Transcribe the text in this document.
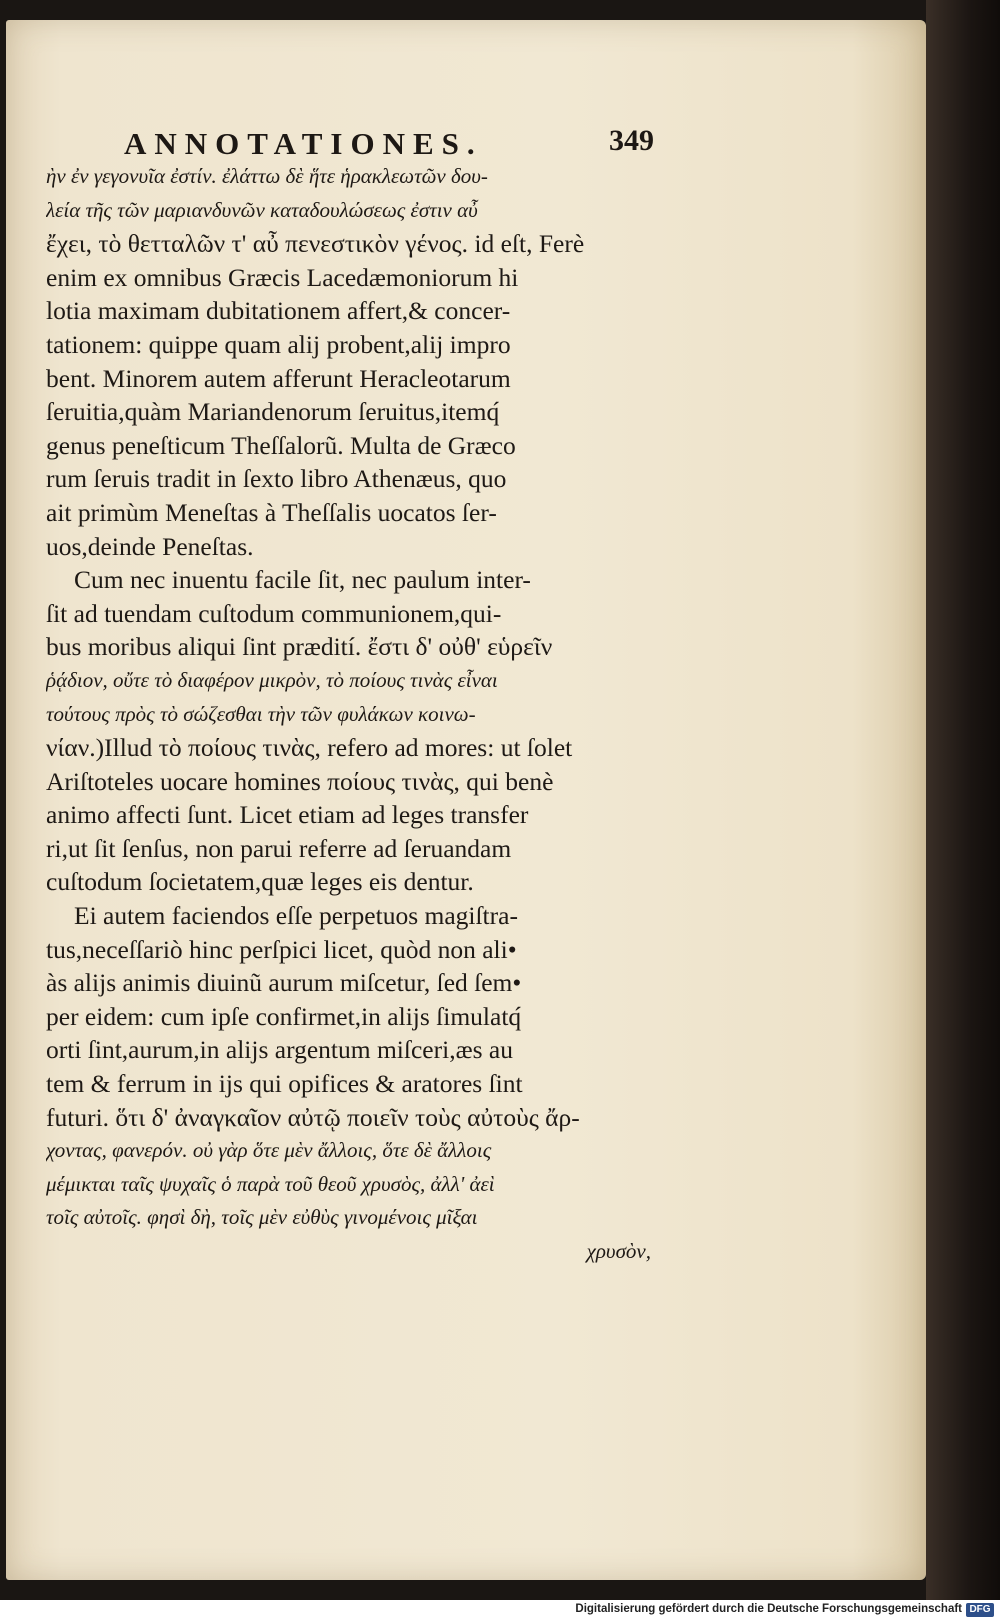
ANNOTATIONES.	349
ὴν ἐν γεγονυῖα ἐστίν. ἐλάττω δὲ ἥτε ἡρακλεωτῶν δου-
λεία τῆς τῶν μαριανδυνῶν καταδουλώσεως ἐστιν αὖ
ἔχει, τὸ θετταλῶν τ' αὖ πενεστικὸν γένος. id eſt, Ferè
enim ex omnibus Græcis Lacedæmoniorum hi
lotia maximam dubitationem affert,& concer-
tationem: quippe quam alij probent,alij impro
bent. Minorem autem afferunt Heracleotarum
ſeruitia,quàm Mariandenorum ſeruitus,itemq́
genus peneſticum Theſſalorũ. Multa de Græco
rum ſeruis tradit in ſexto libro Athenæus, quo
ait primùm Meneſtas à Theſſalis uocatos ſer-
uos,deinde Peneſtas.
Cum nec inuentu facile ſit, nec paulum inter-
ſit ad tuendam cuſtodum communionem,qui-
bus moribus aliqui ſint prædití. ἔστι δ' οὐθ' εὑρεῖν
ῥᾴδιον, οὔτε τὸ διαφέρον μικρὸν, τὸ ποίους τινὰς εἶναι
τούτους πρὸς τὸ σώζεσθαι τὴν τῶν φυλάκων κοινω-
νίαν.)Illud τὸ ποίους τινὰς, refero ad mores: ut ſolet
Ariſtoteles uocare homines ποίους τινὰς, qui benè
animo affecti ſunt. Licet etiam ad leges transfer
ri,ut ſit ſenſus, non parui referre ad ſeruandam
cuſtodum ſocietatem,quæ leges eis dentur.
Ei autem faciendos eſſe perpetuos magiſtra-
tus,neceſſariò hinc perſpici licet, quòd non ali•
às alijs animis diuinũ aurum miſcetur, ſed ſem•
per eidem: cum ipſe confirmet,in alijs ſimulatq́
orti ſint,aurum,in alijs argentum miſceri,æs au
tem & ferrum in ijs qui opifices & aratores ſint
futuri. ὅτι δ' ἀναγκαῖον αὐτῷ ποιεῖν τοὺς αὐτοὺς ἄρ-
χοντας, φανερόν. οὐ γὰρ ὅτε μὲν ἄλλοις, ὅτε δὲ ἄλλοις
μέμικται ταῖς ψυχαῖς ὁ παρὰ τοῦ θεοῦ χρυσὸς, ἀλλ' ἀεὶ
τοῖς αὐτοῖς. φησὶ δὴ, τοῖς μὲν εὐθὺς γινομένοις μῖξαι
χρυσὸν,
Digitalisierung gefördert durch die Deutsche Forschungsgemeinschaft DFG
